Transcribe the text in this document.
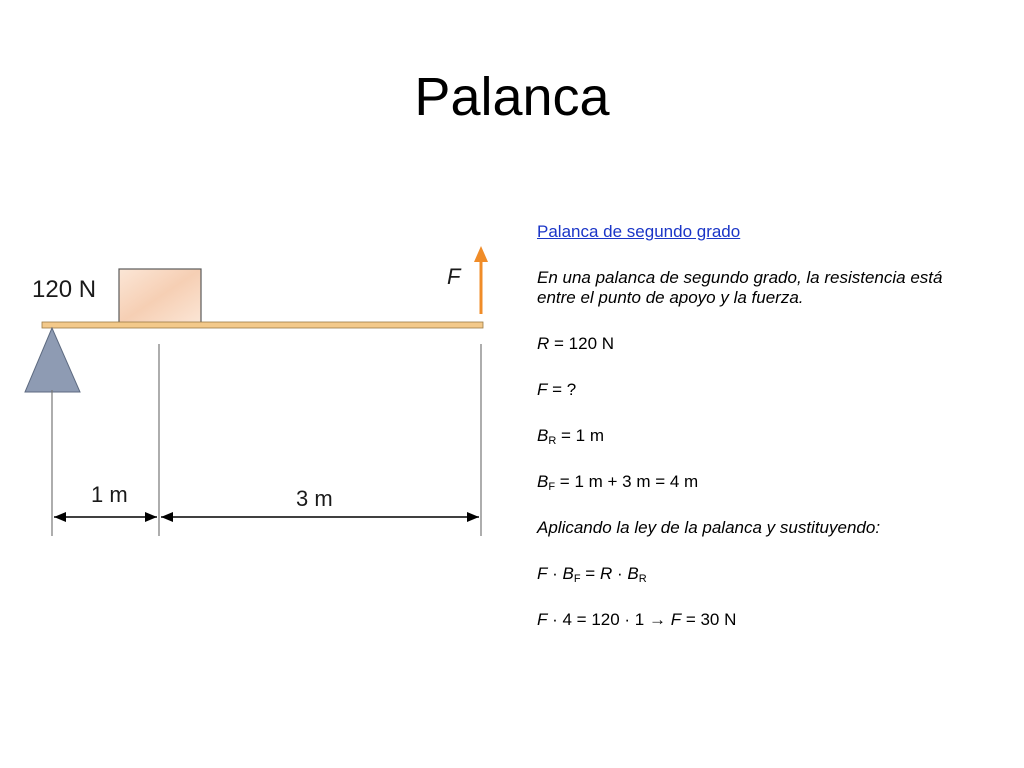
Palanca
120 N	F
1 m	3 m

Palanca de segundo grado

En una palanca de segundo grado, la resistencia está entre el punto de apoyo y la fuerza.

R = 120 N

F = ?

$B_R = 1$ m

$B_F = 1$ m + 3 m = 4 m

Aplicando la ley de la palanca y sustituyendo:

$F \cdot B_F = R \cdot B_R$

F · 4 = 120 · 1 → F = 30 N
